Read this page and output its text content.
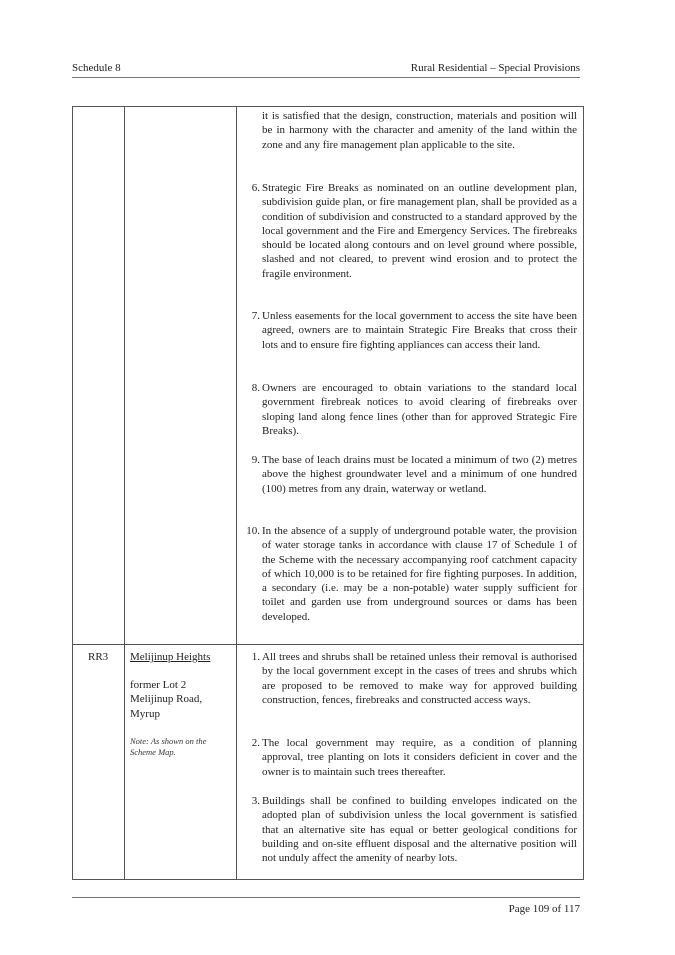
Schedule 8	Rural Residential – Special Provisions
it is satisfied that the design, construction, materials and position will be in harmony with the character and amenity of the land within the zone and any fire management plan applicable to the site.
6. Strategic Fire Breaks as nominated on an outline development plan, subdivision guide plan, or fire management plan, shall be provided as a condition of subdivision and constructed to a standard approved by the local government and the Fire and Emergency Services. The firebreaks should be located along contours and on level ground where possible, slashed and not cleared, to prevent wind erosion and to protect the fragile environment.
7. Unless easements for the local government to access the site have been agreed, owners are to maintain Strategic Fire Breaks that cross their lots and to ensure fire fighting appliances can access their land.
8. Owners are encouraged to obtain variations to the standard local government firebreak notices to avoid clearing of firebreaks over sloping land along fence lines (other than for approved Strategic Fire Breaks).
9. The base of leach drains must be located a minimum of two (2) metres above the highest groundwater level and a minimum of one hundred (100) metres from any drain, waterway or wetland.
10. In the absence of a supply of underground potable water, the provision of water storage tanks in accordance with clause 17 of Schedule 1 of the Scheme with the necessary accompanying roof catchment capacity of which 10,000 is to be retained for fire fighting purposes. In addition, a secondary (i.e. may be a non-potable) water supply sufficient for toilet and garden use from underground sources or dams has been developed.
RR3 Melijinup Heights
former Lot 2 Melijinup Road, Myrup
Note: As shown on the Scheme Map.
1. All trees and shrubs shall be retained unless their removal is authorised by the local government except in the cases of trees and shrubs which are proposed to be removed to make way for approved building construction, fences, firebreaks and constructed access ways.
2. The local government may require, as a condition of planning approval, tree planting on lots it considers deficient in cover and the owner is to maintain such trees thereafter.
3. Buildings shall be confined to building envelopes indicated on the adopted plan of subdivision unless the local government is satisfied that an alternative site has equal or better geological conditions for building and on-site effluent disposal and the alternative position will not unduly affect the amenity of nearby lots.
Page 109 of 117
